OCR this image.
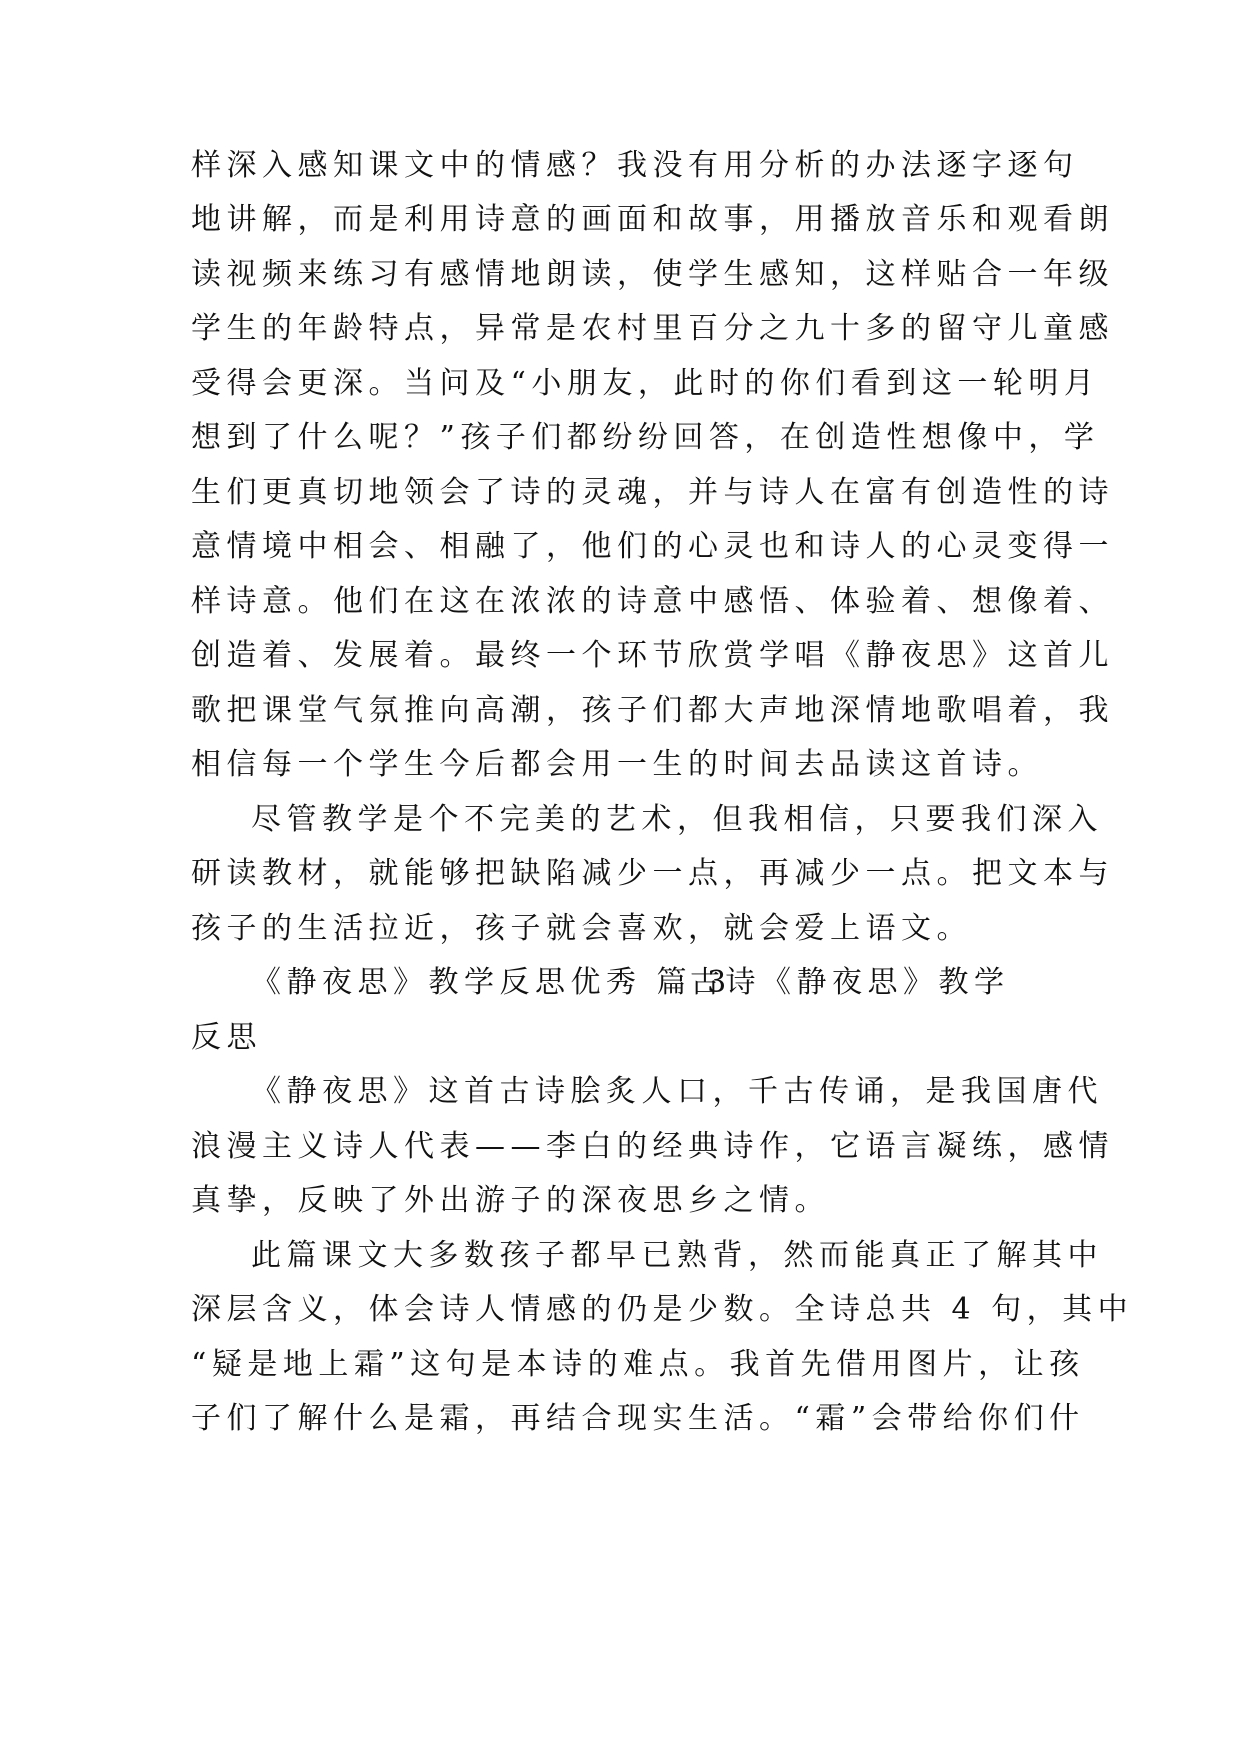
样深入感知课文中的情感？我没有用分析的办法逐字逐句
地讲解，而是利用诗意的画面和故事，用播放音乐和观看朗
读视频来练习有感情地朗读，使学生感知，这样贴合一年级
学生的年龄特点，异常是农村里百分之九十多的留守儿童感
受得会更深。当问及“小朋友，此时的你们看到这一轮明月
想到了什么呢？”孩子们都纷纷回答，在创造性想像中，学
生们更真切地领会了诗的灵魂，并与诗人在富有创造性的诗
意情境中相会、相融了，他们的心灵也和诗人的心灵变得一
样诗意。他们在这在浓浓的诗意中感悟、体验着、想像着、
创造着、发展着。最终一个环节欣赏学唱《静夜思》这首儿
歌把课堂气氛推向高潮，孩子们都大声地深情地歌唱着，我
相信每一个学生今后都会用一生的时间去品读这首诗。
尽管教学是个不完美的艺术，但我相信，只要我们深入
研读教材，就能够把缺陷减少一点，再减少一点。把文本与
孩子的生活拉近，孩子就会喜欢，就会爱上语文。
《静夜思》教学反思优秀 篇 3
古诗《静夜思》教学
反思
《静夜思》这首古诗脍炙人口，千古传诵，是我国唐代
浪漫主义诗人代表——李白的经典诗作，它语言凝练，感情
真挚，反映了外出游子的深夜思乡之情。
此篇课文大多数孩子都早已熟背，然而能真正了解其中
深层含义，体会诗人情感的仍是少数。全诗总共 4 句，其中
“疑是地上霜”这句是本诗的难点。我首先借用图片，让孩
子们了解什么是霜，再结合现实生活。“霜”会带给你们什
